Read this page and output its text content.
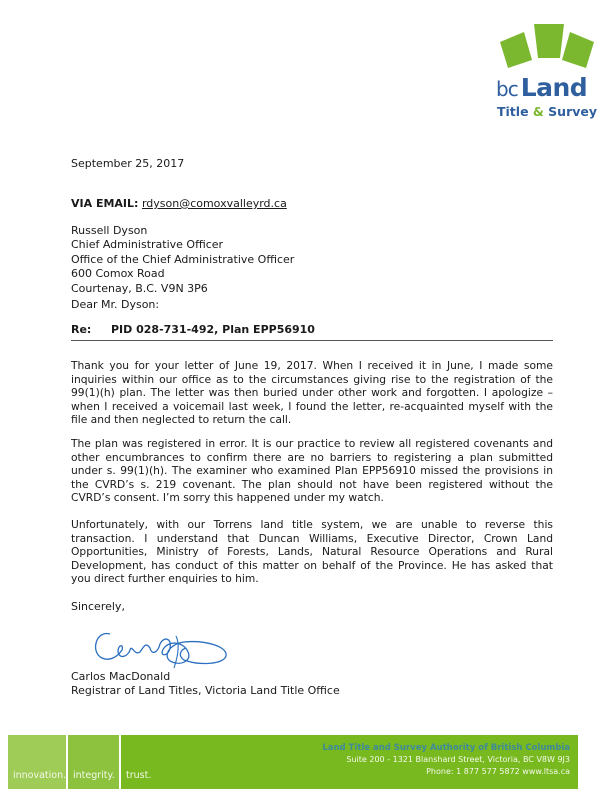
bc Land
Title & Survey
September 25, 2017
VIA EMAIL: rdyson@comoxvalleyrd.ca
Russell Dyson
Chief Administrative Officer
Office of the Chief Administrative Officer
600 Comox Road
Courtenay, B.C. V9N 3P6
Dear Mr. Dyson:
Re: PID 028-731-492, Plan EPP56910
Thank you for your letter of June 19, 2017. When I received it in June, I made some inquiries within our office as to the circumstances giving rise to the registration of the 99(1)(h) plan. The letter was then buried under other work and forgotten. I apologize – when I received a voicemail last week, I found the letter, re-acquainted myself with the file and then neglected to return the call.
The plan was registered in error. It is our practice to review all registered covenants and other encumbrances to confirm there are no barriers to registering a plan submitted under s. 99(1)(h). The examiner who examined Plan EPP56910 missed the provisions in the CVRD’s s. 219 covenant. The plan should not have been registered without the CVRD’s consent. I’m sorry this happened under my watch.
Unfortunately, with our Torrens land title system, we are unable to reverse this transaction. I understand that Duncan Williams, Executive Director, Crown Land Opportunities, Ministry of Forests, Lands, Natural Resource Operations and Rural Development, has conduct of this matter on behalf of the Province. He has asked that you direct further enquiries to him.
Sincerely,
Carlos MacDonald
Registrar of Land Titles, Victoria Land Title Office
innovation. integrity. trust.
Land Title and Survey Authority of British Columbia
Suite 200 - 1321 Blanshard Street, Victoria, BC V8W 9J3
Phone: 1 877 577 5872 www.ltsa.ca
